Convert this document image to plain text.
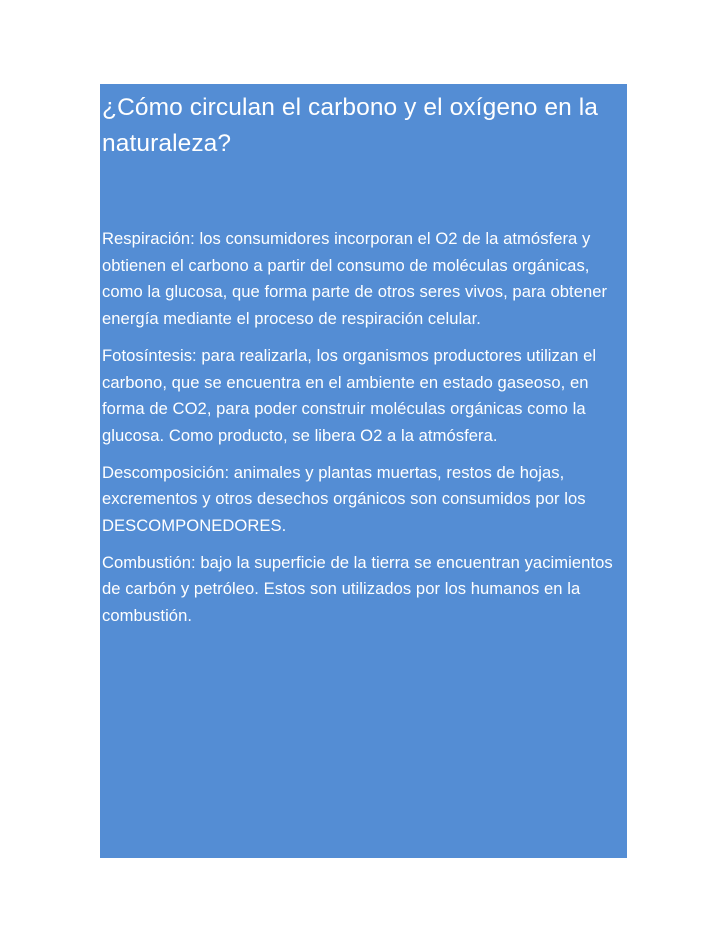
¿Cómo circulan el carbono y el oxígeno en la naturaleza?

Respiración: los consumidores incorporan el O2 de la atmósfera y obtienen el carbono a partir del consumo de moléculas orgánicas, como la glucosa, que forma parte de otros seres vivos, para obtener energía mediante el proceso de respiración celular.

Fotosíntesis: para realizarla, los organismos productores utilizan el carbono, que se encuentra en el ambiente en estado gaseoso, en forma de CO2, para poder construir moléculas orgánicas como la glucosa. Como producto, se libera O2 a la atmósfera.

Descomposición: animales y plantas muertas, restos de hojas, excrementos y otros desechos orgánicos son consumidos por los DESCOMPONEDORES.

Combustión: bajo la superficie de la tierra se encuentran yacimientos de carbón y petróleo. Estos son utilizados por los humanos en la combustión.
